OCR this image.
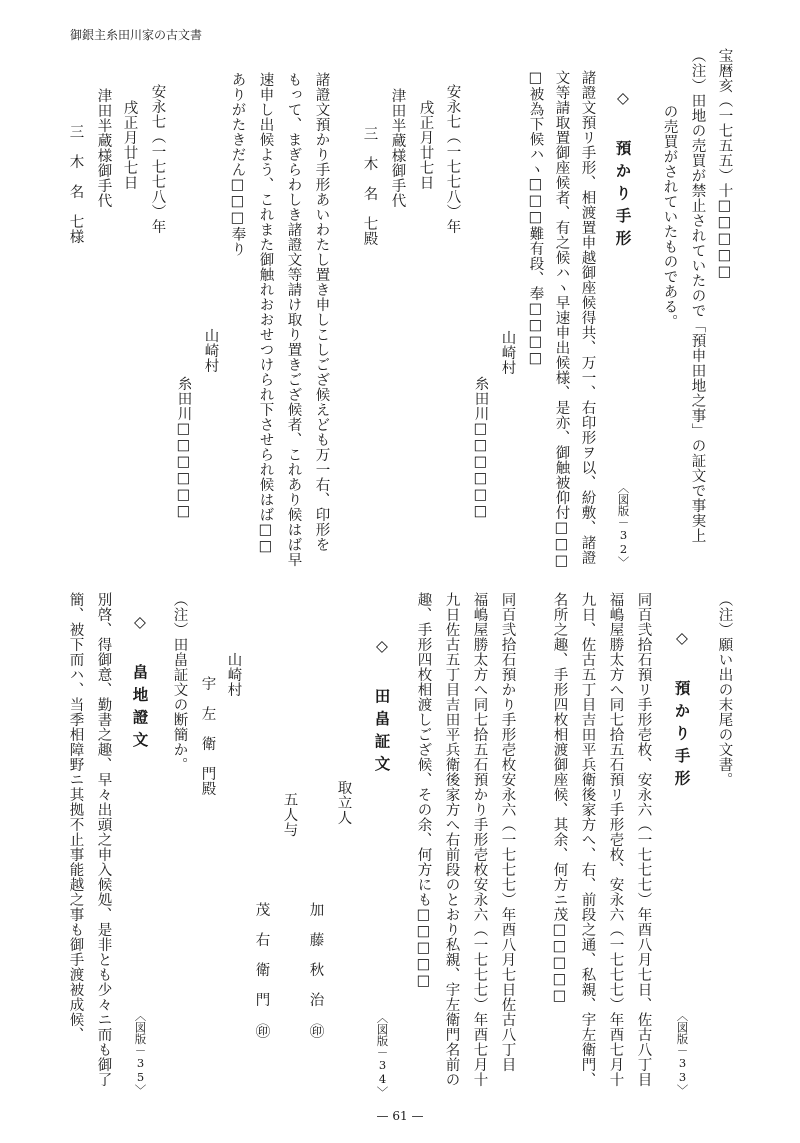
御銀主糸田川家の古文書
宝暦亥（一七五五）十□□□□□
（注）田地の売買が禁止されていたので「預申田地之事」の証文で事実上
の売買がされていたものである。
◇ 預かり手形
〈図版－32〉
諸證文預リ手形、相渡置申越御座候得共、万一、右印形ヲ以、紛敷、諸證
文等請取置御座候者、有之候ハヽ早速申出候様、是亦、御触被仰付□□□
□被為下候ハヽ□□□難有段、奉□□□□
山崎村
糸田川□□□□□□
安永七（一七七八）年
戌正月廿七日
津田半蔵様御手代
三　木　名　七殿
諸證文預かり手形あいわたし置き申しこしござ候えども万一右、印形を
もって、まぎらわしき諸證文等請け取り置きござ候者、これあり候はば早
速申し出候よう、これまた御触れおおせつけられ下させられ候はば□□
ありがたきだん□□□奉り
山崎村
糸田川□□□□□□
安永七（一七七八）年
戌正月廿七日
津田半蔵様御手代
三　木　名　七様
（注）願い出の末尾の文書。
◇ 預かり手形
〈図版－33〉
同百弐拾石預リ手形壱枚、安永六（一七七七）年酉八月七日、佐古八丁目
福嶋屋勝太方へ同七拾五石預リ手形壱枚、安永六（一七七七）年酉七月十
九日、佐古五丁目吉田平兵衛後家方へ、右、前段之通、私親、宇左衛門、
名所之趣、手形四枚相渡御座候、其余、何方ニ茂□□□□□
同百弐拾石預かり手形壱枚安永六（一七七七）年酉八月七日佐古八丁目
福嶋屋勝太方へ同七拾五石預かり手形壱枚安永六（一七七七）年酉七月十
九日佐古五丁目吉田平兵衛後家方へ右前段のとおり私親、宇左衛門名前の
趣、手形四枚相渡しござ候、その余、何方にも□□□□□
◇ 田畠証文
〈図版－34〉
取立人
加　藤　秋　治 ㊞
五人与
茂　右　衛　門 ㊞
山崎村
宇　左　衛　門殿
（注）田畠証文の断簡か。
◇ 畠地證文
〈図版－35〉
別啓、得御意、勤書之趣、早々出頭之申入候処、是非とも少々ニ而も御了
簡、被下而ハ、当季相障野ニ其拠不止事能越之事も御手渡被成候、
— 61 —
